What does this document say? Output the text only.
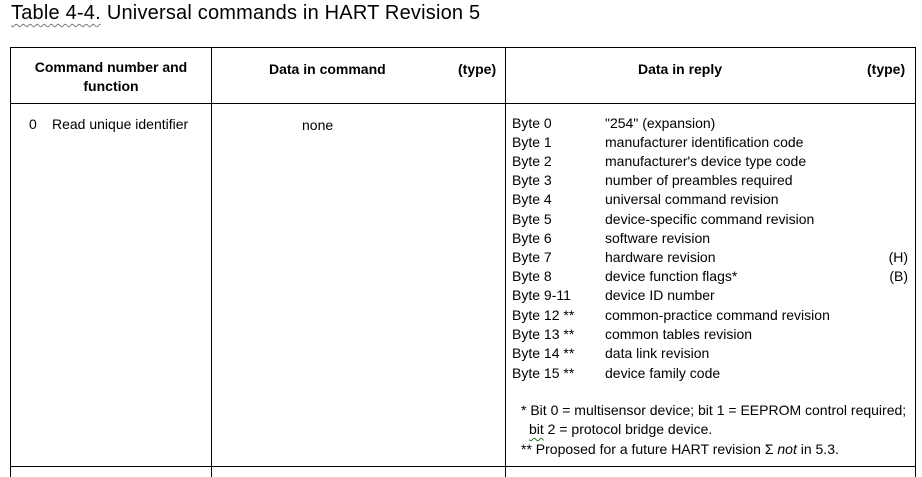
Table 4-4. Universal commands in HART Revision 5
Command number and function
Data in command	(type)	Data in reply	(type)
0 Read unique identifier	none	Byte 0	"254" (expansion)
Byte 1	manufacturer identification code
Byte 2	manufacturer's device type code
Byte 3	number of preambles required
Byte 4	universal command revision
Byte 5	device-specific command revision
Byte 6	software revision
Byte 7	hardware revision	(H)
Byte 8	device function flags*	(B)
Byte 9-11 device ID number
Byte 12 ** common-practice command revision
Byte 13 ** common tables revision
Byte 14 ** data link revision
Byte 15 ** device family code
* Bit 0 = multisensor device; bit 1 = EEPROM control required;
bit 2 = protocol bridge device.
** Proposed for a future HART revision Σ not in 5.3.
